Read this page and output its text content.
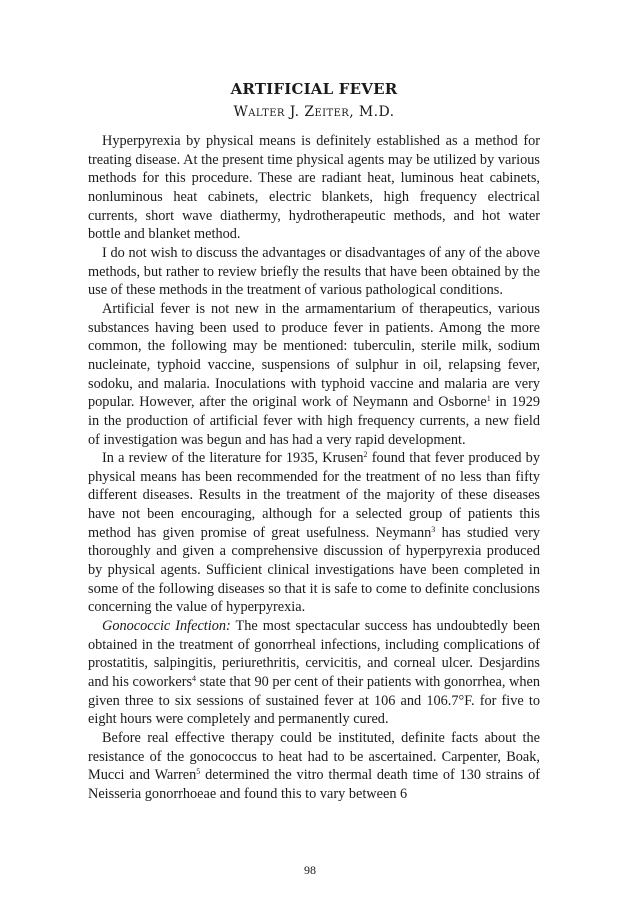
ARTIFICIAL FEVER
Walter J. Zeiter, M.D.

Hyperpyrexia by physical means is definitely established as a method for treating disease. At the present time physical agents may be utilized by various methods for this procedure. These are radiant heat, luminous heat cabinets, nonluminous heat cabinets, electric blankets, high frequency electrical currents, short wave diathermy, hydrotherapeutic methods, and hot water bottle and blanket method.

I do not wish to discuss the advantages or disadvantages of any of the above methods, but rather to review briefly the results that have been obtained by the use of these methods in the treatment of various pathological conditions.

Artificial fever is not new in the armamentarium of therapeutics, various substances having been used to produce fever in patients. Among the more common, the following may be mentioned: tuberculin, sterile milk, sodium nucleinate, typhoid vaccine, suspensions of sulphur in oil, relapsing fever, sodoku, and malaria. Inoculations with typhoid vaccine and malaria are very popular. However, after the original work of Neymann and Osborne$^1$ in 1929 in the production of artificial fever with high frequency currents, a new field of investigation was begun and has had a very rapid development.

In a review of the literature for 1935, Krusen$^2$ found that fever produced by physical means has been recommended for the treatment of no less than fifty different diseases. Results in the treatment of the majority of these diseases have not been encouraging, although for a selected group of patients this method has given promise of great usefulness. Neymann$^3$ has studied very thoroughly and given a comprehensive discussion of hyperpyrexia produced by physical agents. Sufficient clinical investigations have been completed in some of the following diseases so that it is safe to come to definite conclusions concerning the value of hyperpyrexia.

Gonococcic Infection: The most spectacular success has undoubtedly been obtained in the treatment of gonorrheal infections, including complications of prostatitis, salpingitis, periurethritis, cervicitis, and corneal ulcer. Desjardins and his coworkers$^4$ state that 90 per cent of their patients with gonorrhea, when given three to six sessions of sustained fever at 106 and 106.7°F. for five to eight hours were completely and permanently cured.

Before real effective therapy could be instituted, definite facts about the resistance of the gonococcus to heat had to be ascertained. Carpenter, Boak, Mucci and Warren$^5$ determined the vitro thermal death time of 130 strains of Neisseria gonorrhoeae and found this to vary between 6

98
